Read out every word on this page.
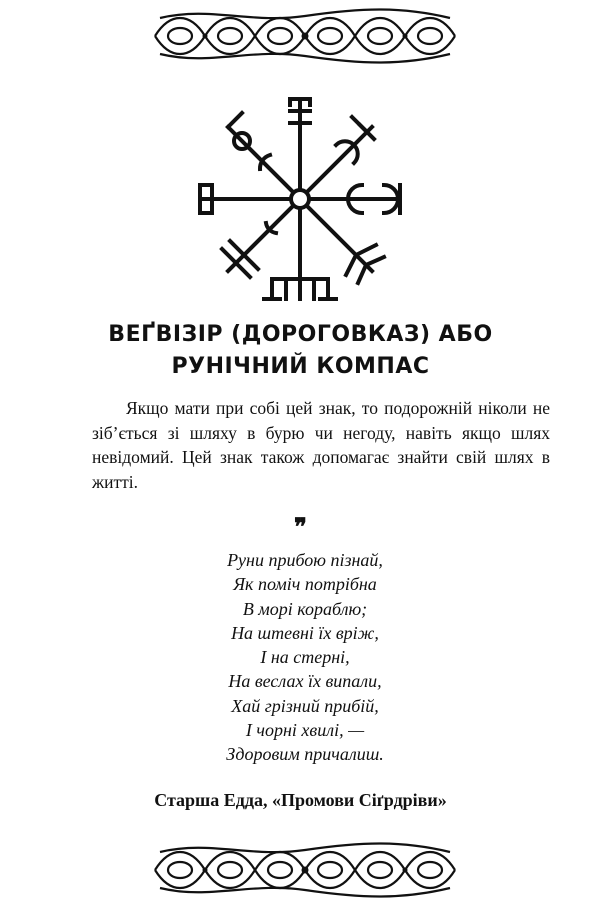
ВЕҐВІЗІР (ДОРОГОВКАЗ) АБО
РУНІЧНИЙ КОМПАС

Якщо мати при собі цей знак, то подорожній ніколи не зіб’ється зі шляху в бурю чи негоду, навіть якщо шлях невідомий. Цей знак також допомагає знайти свій шлях в житті.

❞
Руни прибою пізнай,
Як поміч потрібна
В морі кораблю;
На штевні їх вріж,
І на стерні,
На веслах їх випали,
Хай грізний прибій,
І чорні хвилі, —
Здоровим причалиш.
Старша Едда, «Промови Сіґрдріви»
